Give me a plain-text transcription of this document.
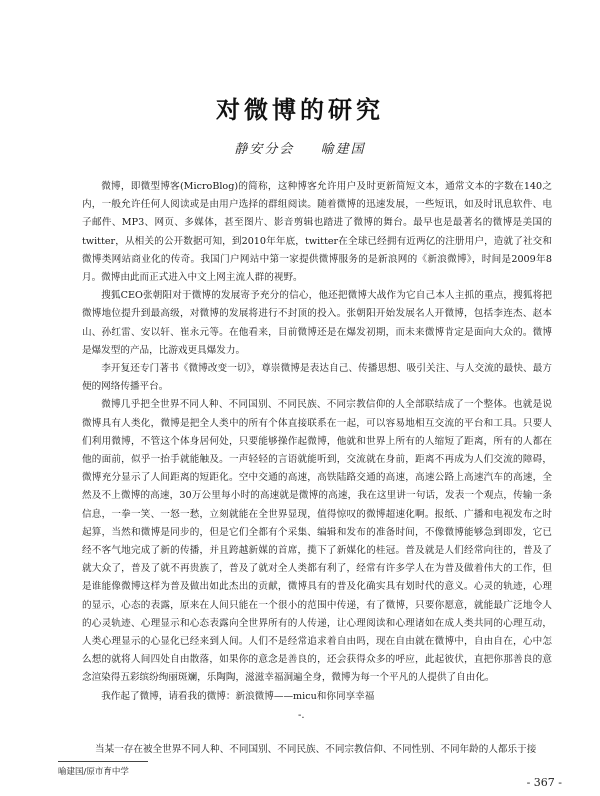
对微博的研究
静安分会 喻建国

微博，即微型博客(MicroBlog)的简称，这种博客允许用户及时更新简短文本，通常文本的字数在140之内，一般允许任何人阅读或是由用户选择的群组阅读。随着微博的迅速发展，一些短讯，如及时讯息软件、电子邮件、MP3、网页、多媒体，甚至图片、影音剪辑也踏进了微博的舞台。最早也是最著名的微博是美国的twitter，从相关的公开数据可知，到2010年年底，twitter在全球已经拥有近两亿的注册用户，造就了社交和微博类网站商业化的传奇。我国门户网站中第一家提供微博服务的是新浪网的《新浪微博》，时间是2009年8月。微博由此而正式进入中文上网主流人群的视野。

搜狐CEO张朝阳对于微博的发展寄予充分的信心，他还把微博大战作为它自己本人主抓的重点，搜狐将把微博地位提升到最高级，对微博的发展将进行不封顶的投入。张朝阳开始发展名人开微博，包括李连杰、赵本山、孙红雷、安以轩、崔永元等。在他看来，目前微博还是在爆发初期，而未来微博肯定是面向大众的。微博是爆发型的产品，比游戏更具爆发力。

李开复还专门著书《微博改变一切》，尊崇微博是表达自己、传播思想、吸引关注、与人交流的最快、最方便的网络传播平台。

微博几乎把全世界不同人种、不同国别、不同民族、不同宗教信仰的人全部联结成了一个整体。也就是说微博具有人类化，微博是把全人类中的所有个体直接联系在一起，可以容易地相互交流的平台和工具。只要人们利用微博，不管这个体身居何处，只要能够操作起微博，他就和世界上所有的人缩短了距离，所有的人都在他的面前，似乎一抬手就能触及。一声轻轻的言语就能听到，交流就在身前，距离不再成为人们交流的障碍，微博充分显示了人间距离的短距化。空中交通的高速，高铁陆路交通的高速，高速公路上高速汽车的高速，全然及不上微博的高速，30万公里每小时的高速就是微博的高速，我在这里讲一句话，发表一个观点，传输一条信息，一拳一笑、一怒一愁，立刻就能在全世界显现，值得惊叹的微博超速化啊。报纸、广播和电视发布之时起算，当然和微博是同步的，但是它们全都有个采集、编辑和发布的准备时间，不像微博能够急到即发，它已经不客气地完成了新的传播，并且跨越新媒的首席，揽下了新媒化的桂冠。普及就是人们经常向往的，普及了就大众了，普及了就不再贵族了，普及了就对全人类都有利了，经常有许多学人在为普及做着伟大的工作，但是谁能像微博这样为普及做出如此杰出的贡献，微博具有的普及化确实具有划时代的意义。心灵的轨迹，心理的显示，心态的表露，原来在人间只能在一个很小的范围中传递，有了微博，只要你愿意，就能最广泛地令人的心灵轨迹、心理显示和心态表露向全世界所有的人传递，让心理阅读和心理诸如在成人类共同的心理互动，人类心理显示的心显化已经来到人间。人们不是经常追求着自由吗，现在自由就在微博中，自由自在，心中怎么想的就将人间四处自由散落，如果你的意念是善良的，还会获得众多的呼应，此起彼伏，直把你那善良的意念渲染得五彩缤纷绚丽斑斓，乐陶陶，滋滋幸福洞遍全身，微博为每一个平凡的人提供了自由化。

我作起了微博，请看我的微博：新浪微博——micu和你同享幸福

-.
当某一存在被全世界不同人种、不同国别、不同民族、不同宗教信仰、不同性别、不同年龄的人都乐于接
喻建国/原市育中学
- 367 -
